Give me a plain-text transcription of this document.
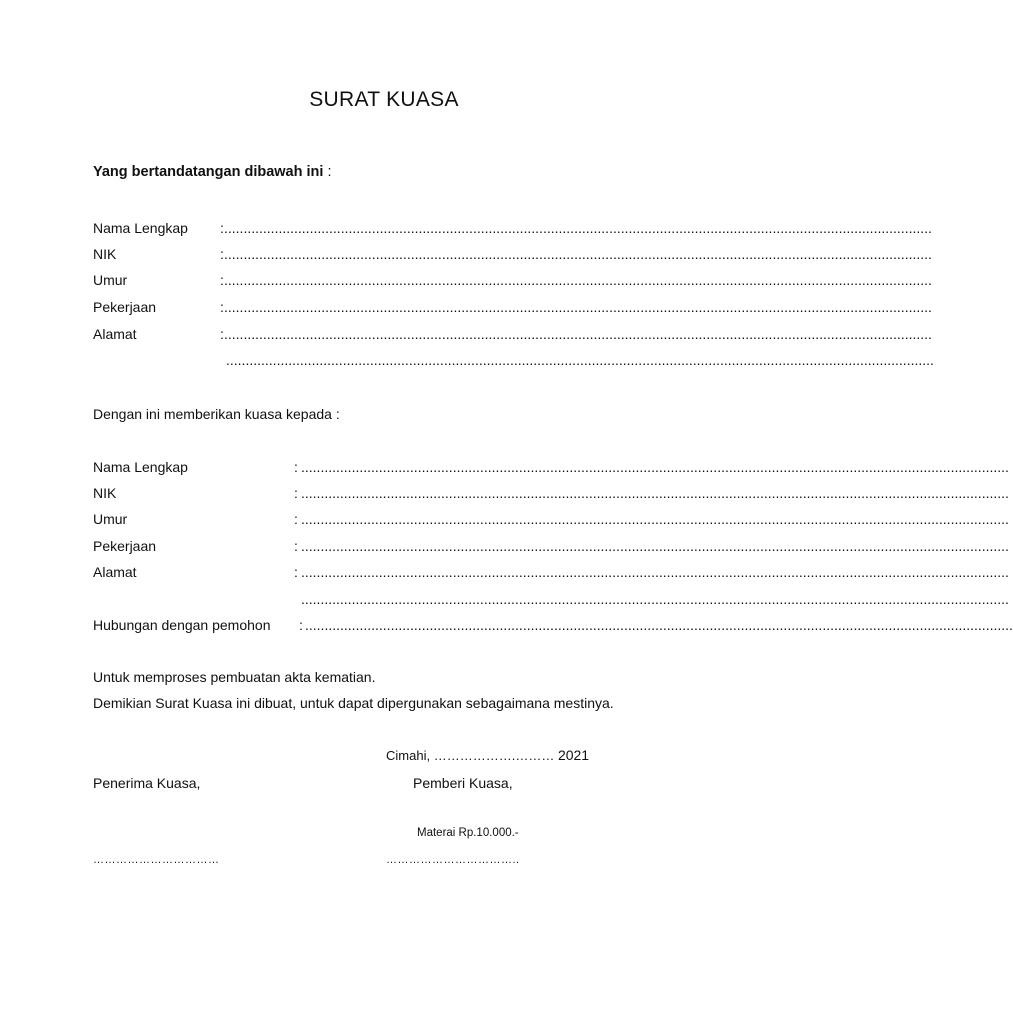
SURAT KUASA
Yang bertandatangan dibawah ini :
Nama Lengkap : ......................................................................................................................................................................................
NIK	: ......................................................................................................................................................................................
Umur	: ......................................................................................................................................................................................
Pekerjaan	: ......................................................................................................................................................................................
Alamat	: ......................................................................................................................................................................................
......................................................................................................................................................................................
Dengan ini memberikan kuasa kepada :
Nama Lengkap	: ......................................................................................................................................................................................
NIK	: ......................................................................................................................................................................................
Umur	: ......................................................................................................................................................................................
Pekerjaan	: ......................................................................................................................................................................................
Alamat	: ......................................................................................................................................................................................
......................................................................................................................................................................................
Hubungan dengan pemohon : ......................................................................................................................................................................................
Untuk memproses pembuatan akta kematian.
Demikian Surat Kuasa ini dibuat, untuk dapat dipergunakan sebagaimana mestinya.
Cimahi, ……………….……… 2021
Penerima Kuasa,	Pemberi Kuasa,
Materai Rp.10.000.-
……………………………	……………………………..
